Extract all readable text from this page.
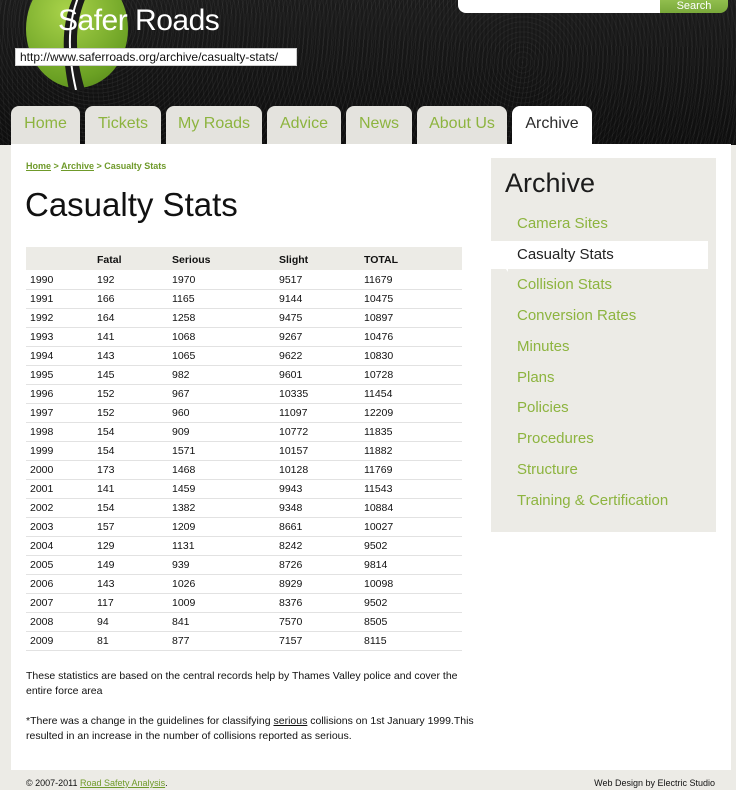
Safer Roads
http://www.saferroads.org/archive/casualty-stats/
Search
Home	Tickets	My Roads	Advice	News	About Us	Archive
Home > Archive > Casualty Stats
Casualty Stats
	Fatal	Serious	Slight	TOTAL
1990	192	1970	9517	11679
1991	166	1165	9144	10475
1992	164	1258	9475	10897
1993	141	1068	9267	10476
1994	143	1065	9622	10830
1995	145	982	9601	10728
1996	152	967	10335	11454
1997	152	960	11097	12209
1998	154	909	10772	11835
1999	154	1571	10157	11882
2000	173	1468	10128	11769
2001	141	1459	9943	11543
2002	154	1382	9348	10884
2003	157	1209	8661	10027
2004	129	1131	8242	9502
2005	149	939	8726	9814
2006	143	1026	8929	10098
2007	117	1009	8376	9502
2008	94	841	7570	8505
2009	81	877	7157	8115

These statistics are based on the central records help by Thames Valley police and cover the entire force area

*There was a change in the guidelines for classifying serious collisions on 1st January 1999.This resulted in an increase in the number of collisions reported as serious.

Archive
Camera Sites
Casualty Stats
Collision Stats
Conversion Rates
Minutes
Plans
Policies
Procedures
Structure
Training & Certification
© 2007-2011 Road Safety Analysis.	Web Design by Electric Studio
